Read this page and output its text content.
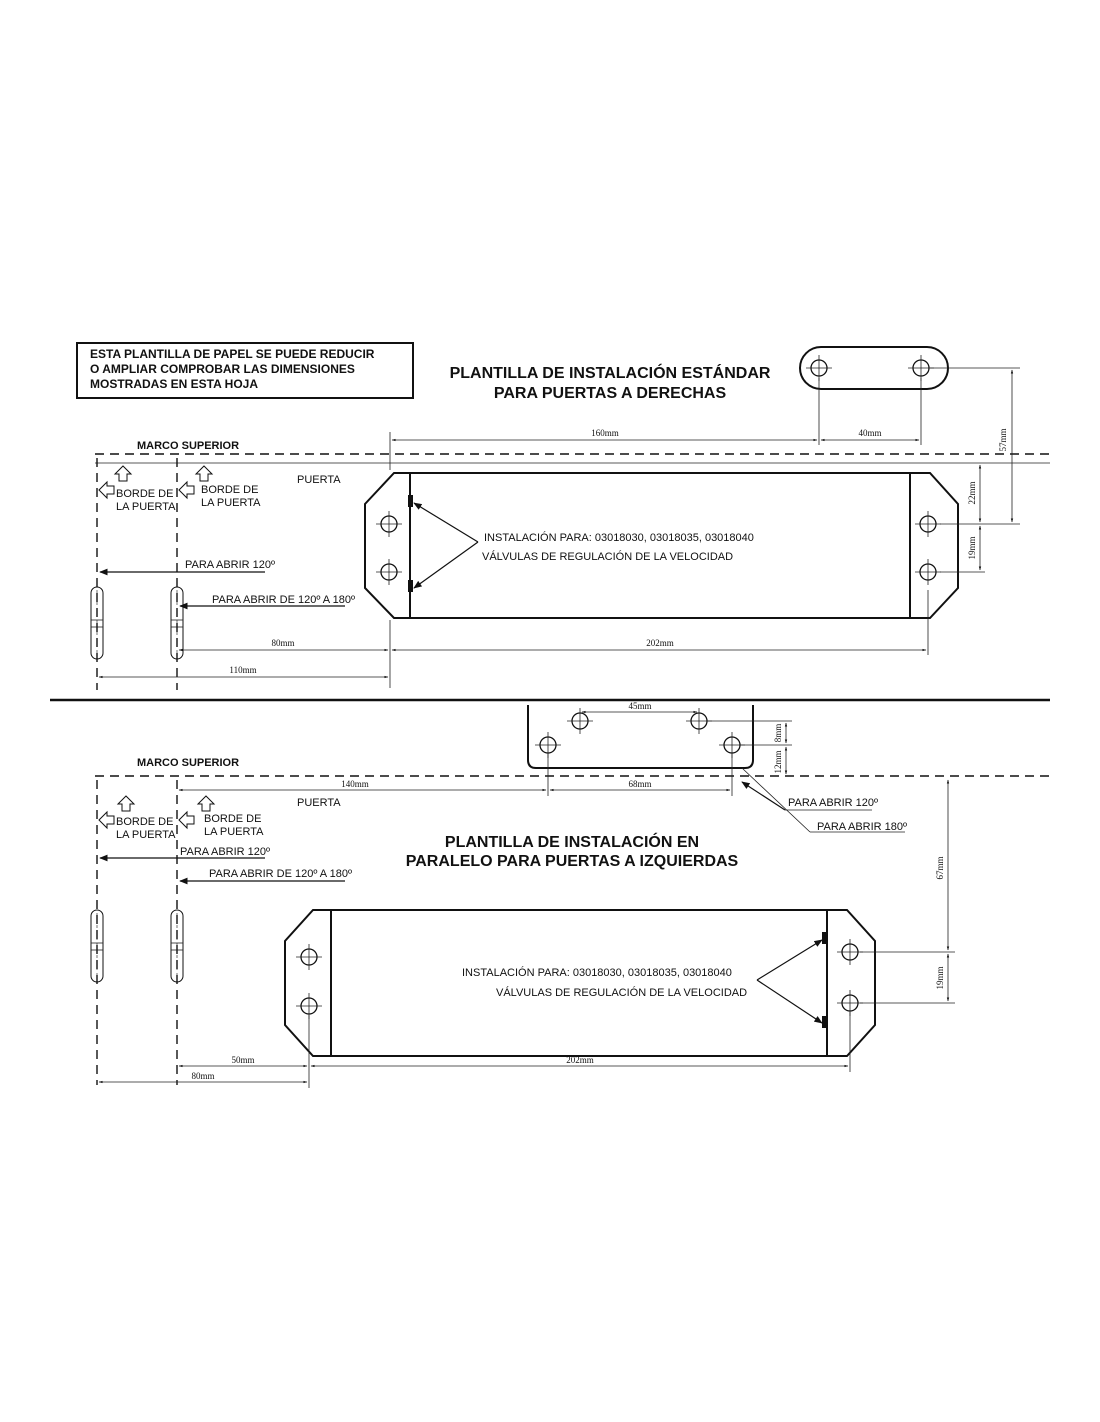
ESTA PLANTILLA DE PAPEL SE PUEDE REDUCIR
O AMPLIAR COMPROBAR LAS DIMENSIONES
MOSTRADAS EN ESTA HOJA
PLANTILLA DE INSTALACIÓN ESTÁNDAR
PARA PUERTAS A DERECHAS
MARCO SUPERIOR
PUERTA
BORDE DE
LA PUERTA
BORDE DE
LA PUERTA
PARA ABRIR 120º
PARA ABRIR DE 120º A 180º
INSTALACIÓN PARA: 03018030, 03018035, 03018040
VÁLVULAS DE REGULACIÓN DE LA VELOCIDAD
160mm	40mm	57mm
22mm
19mm
80mm	202mm
110mm
45mm
8mm
12mm
MARCO SUPERIOR
PUERTA
BORDE DE
LA PUERTA
BORDE DE
LA PUERTA
PARA ABRIR 120º
PARA ABRIR DE 120º A 180º
PARA ABRIR 120º
PARA ABRIR 180º
PLANTILLA DE INSTALACIÓN EN
PARALELO PARA PUERTAS A IZQUIERDAS
INSTALACIÓN PARA: 03018030, 03018035, 03018040
VÁLVULAS DE REGULACIÓN DE LA VELOCIDAD
140mm	68mm
67mm
19mm
50mm	202mm
80mm
